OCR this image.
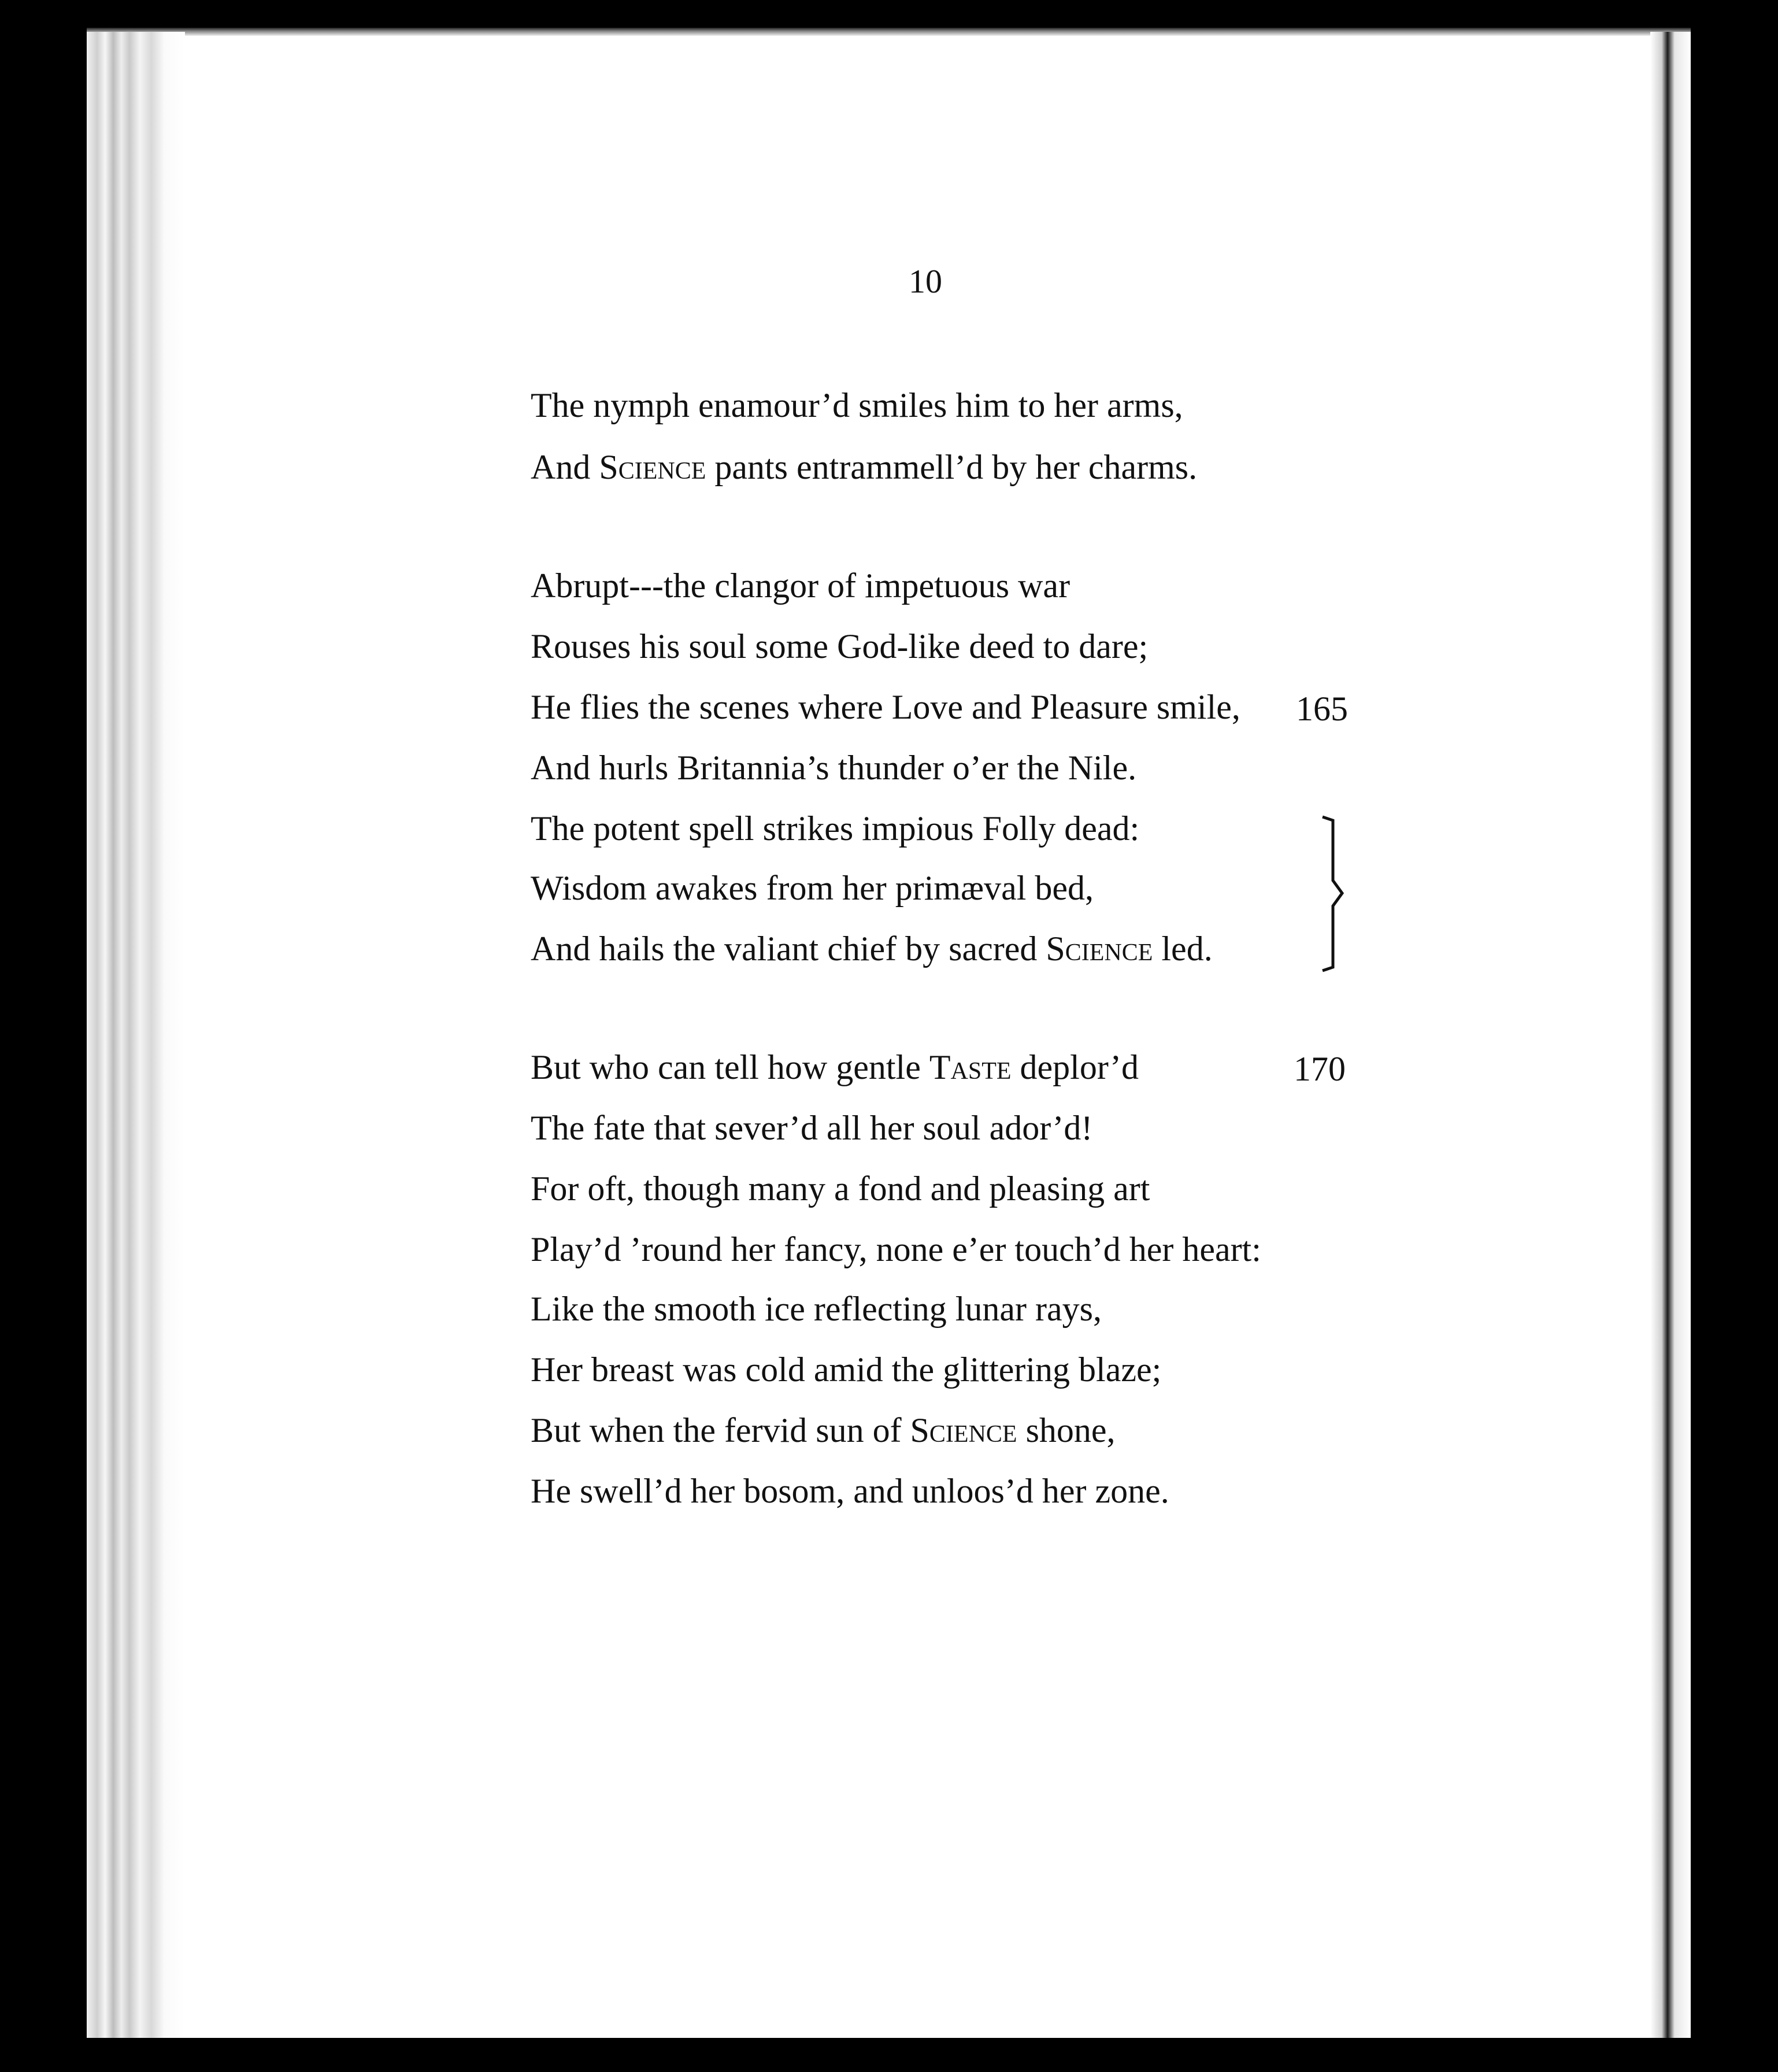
10

The nymph enamour’d smiles him to her arms,

And Science pants entrammell’d by her charms.

Abrupt---the clangor of impetuous war

Rouses his soul some God-like deed to dare;

He flies the scenes where Love and Pleasure smile,

And hurls Britannia’s thunder o’er the Nile.

The potent spell strikes impious Folly dead:

Wisdom awakes from her primæval bed,

And hails the valiant chief by sacred Science led.

But who can tell how gentle Taste deplor’d

The fate that sever’d all her soul ador’d!

For oft, though many a fond and pleasing art

Play’d ’round her fancy, none e’er touch’d her heart:

Like the smooth ice reflecting lunar rays,

Her breast was cold amid the glittering blaze;

But when the fervid sun of Science shone,

He swell’d her bosom, and unloos’d her zone.

165
170
